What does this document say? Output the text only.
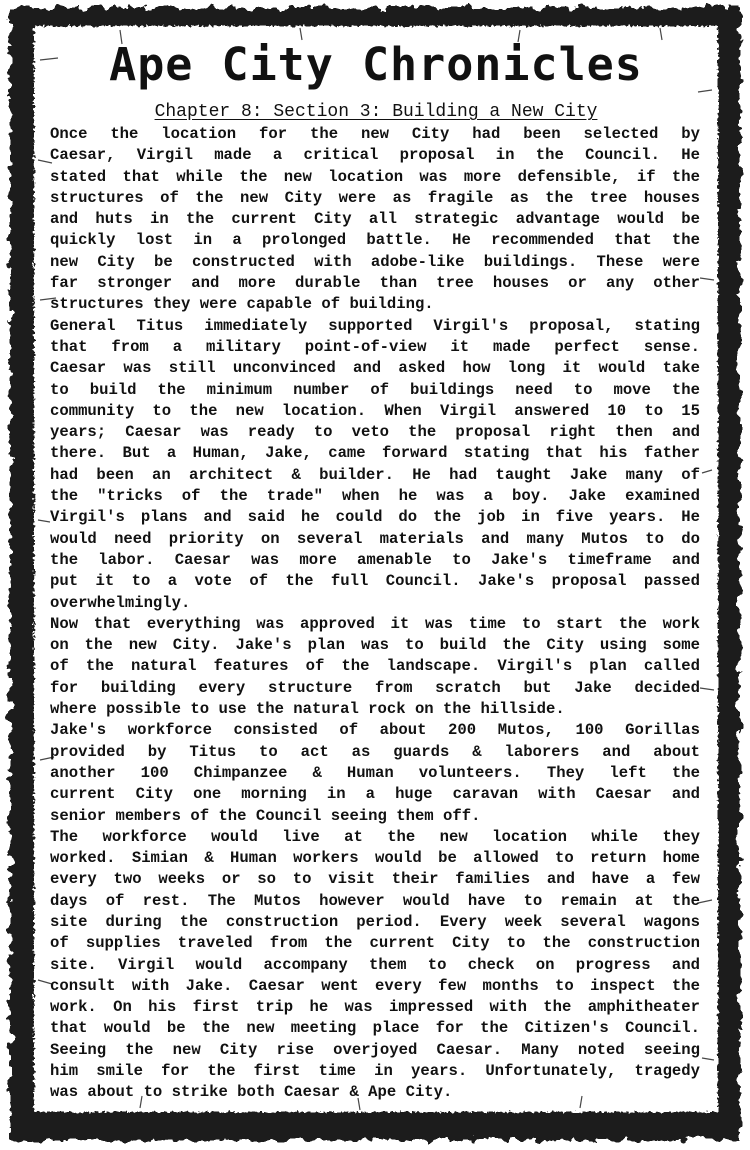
Ape City Chronicles
Chapter 8: Section 3: Building a New City
Once the location for the new City had been selected by
Caesar, Virgil made a critical proposal in the Council. He
stated that while the new location was more defensible, if the
structures of the new City were as fragile as the tree houses
and huts in the current City all strategic advantage would be
quickly lost in a prolonged battle. He recommended that the
new City be constructed with adobe-like buildings. These were
far stronger and more durable than tree houses or any other
structures they were capable of building.
General Titus immediately supported Virgil's proposal, stating
that from a military point-of-view it made perfect sense.
Caesar was still unconvinced and asked how long it would take
to build the minimum number of buildings need to move the
community to the new location. When Virgil answered 10 to 15
years; Caesar was ready to veto the proposal right then and
there. But a Human, Jake, came forward stating that his father
had been an architect & builder. He had taught Jake many of
the "tricks of the trade" when he was a boy. Jake examined
Virgil's plans and said he could do the job in five years. He
would need priority on several materials and many Mutos to do
the labor. Caesar was more amenable to Jake's timeframe and
put it to a vote of the full Council. Jake's proposal passed
overwhelmingly.
Now that everything was approved it was time to start the work
on the new City. Jake's plan was to build the City using some
of the natural features of the landscape. Virgil's plan called
for building every structure from scratch but Jake decided
where possible to use the natural rock on the hillside.
Jake's workforce consisted of about 200 Mutos, 100 Gorillas
provided by Titus to act as guards & laborers and about
another 100 Chimpanzee & Human volunteers. They left the
current City one morning in a huge caravan with Caesar and
senior members of the Council seeing them off.
The workforce would live at the new location while they
worked. Simian & Human workers would be allowed to return home
every two weeks or so to visit their families and have a few
days of rest. The Mutos however would have to remain at the
site during the construction period. Every week several wagons
of supplies traveled from the current City to the construction
site. Virgil would accompany them to check on progress and
consult with Jake. Caesar went every few months to inspect the
work. On his first trip he was impressed with the amphitheater
that would be the new meeting place for the Citizen's Council.
Seeing the new City rise overjoyed Caesar. Many noted seeing
him smile for the first time in years. Unfortunately, tragedy
was about to strike both Caesar & Ape City.
